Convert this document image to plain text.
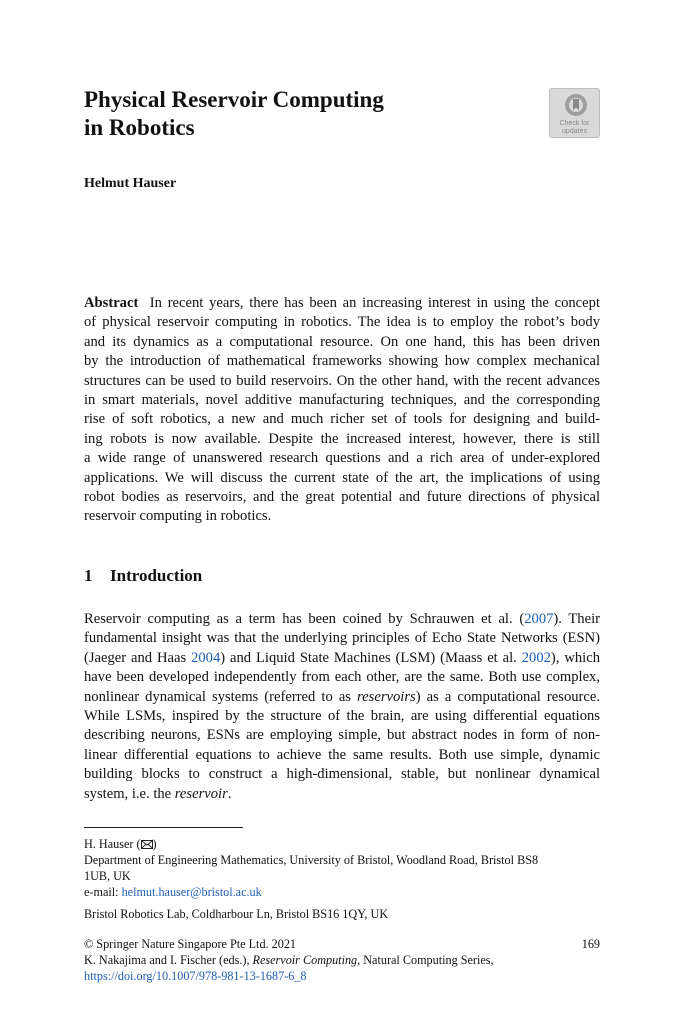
Physical Reservoir Computing
in Robotics	Check for
updates
Helmut Hauser
Abstract In recent years, there has been an increasing interest in using the concept
of physical reservoir computing in robotics. The idea is to employ the robot’s body
and its dynamics as a computational resource. On one hand, this has been driven
by the introduction of mathematical frameworks showing how complex mechanical
structures can be used to build reservoirs. On the other hand, with the recent advances
in smart materials, novel additive manufacturing techniques, and the corresponding
rise of soft robotics, a new and much richer set of tools for designing and build-
ing robots is now available. Despite the increased interest, however, there is still
a wide range of unanswered research questions and a rich area of under-explored
applications. We will discuss the current state of the art, the implications of using
robot bodies as reservoirs, and the great potential and future directions of physical
reservoir computing in robotics.
1 Introduction
Reservoir computing as a term has been coined by Schrauwen et al. (2007). Their
fundamental insight was that the underlying principles of Echo State Networks (ESN)
(Jaeger and Haas 2004) and Liquid State Machines (LSM) (Maass et al. 2002), which
have been developed independently from each other, are the same. Both use complex,
nonlinear dynamical systems (referred to as reservoirs) as a computational resource.
While LSMs, inspired by the structure of the brain, are using differential equations
describing neurons, ESNs are employing simple, but abstract nodes in form of non-
linear differential equations to achieve the same results. Both use simple, dynamic
building blocks to construct a high-dimensional, stable, but nonlinear dynamical
system, i.e. the reservoir.
H. Hauser ( )
Department of Engineering Mathematics, University of Bristol, Woodland Road, Bristol BS8
1UB, UK
e-mail: helmut.hauser@bristol.ac.uk
Bristol Robotics Lab, Coldharbour Ln, Bristol BS16 1QY, UK
© Springer Nature Singapore Pte Ltd. 2021
K. Nakajima and I. Fischer (eds.), Reservoir Computing, Natural Computing Series,
https://doi.org/10.1007/978-981-13-1687-6_8
169
